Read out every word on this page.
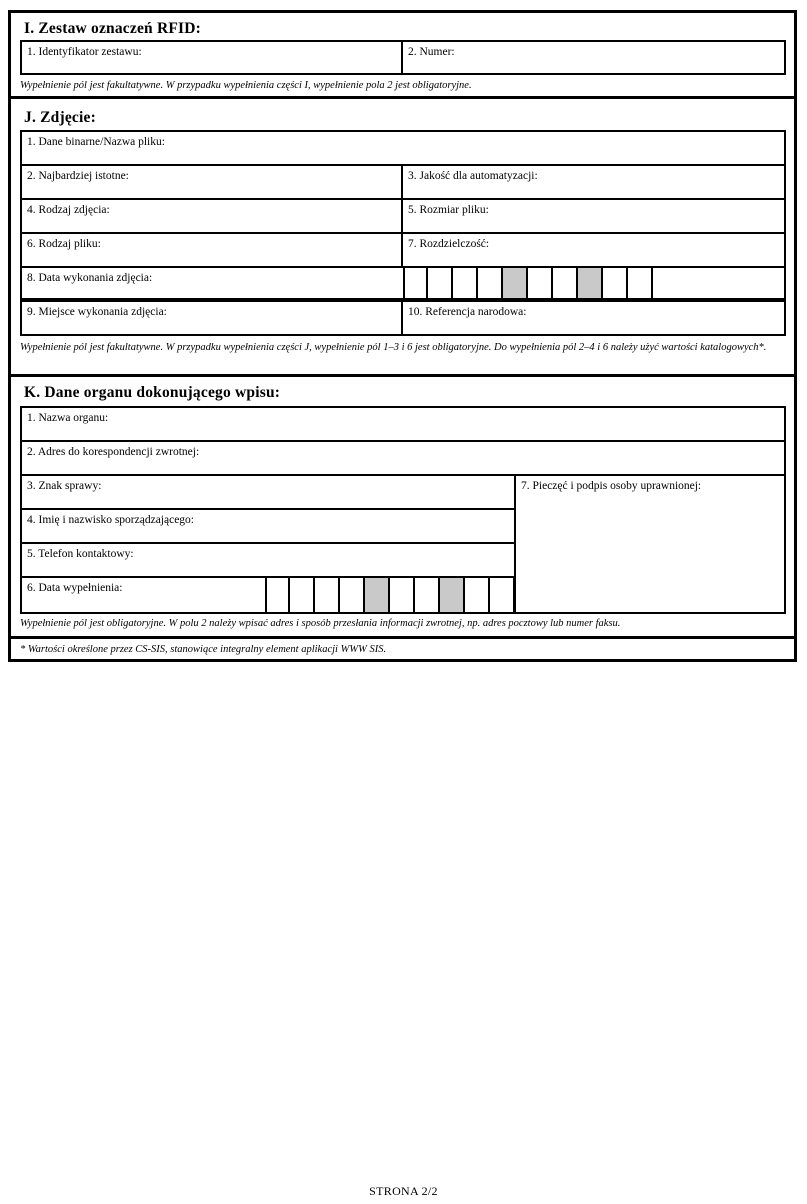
I. Zestaw oznaczeń RFID:
1. Identyfikator zestawu:	2. Numer:
Wypełnienie pól jest fakultatywne. W przypadku wypełnienia części I, wypełnienie pola 2 jest obligatoryjne.
J. Zdjęcie:
1. Dane binarne/Nazwa pliku:
2. Najbardziej istotne:	3. Jakość dla automatyzacji:
4. Rodzaj zdjęcia:	5. Rozmiar pliku:
6. Rodzaj pliku:	7. Rozdzielczość:
8. Data wykonania zdjęcia:
9. Miejsce wykonania zdjęcia:	10. Referencja narodowa:
Wypełnienie pól jest fakultatywne. W przypadku wypełnienia części J, wypełnienie pól 1–3 i 6 jest obligatoryjne. Do wypełnienia pól 2–4 i 6 należy użyć wartości katalogowych*.
K. Dane organu dokonującego wpisu:
1. Nazwa organu:
2. Adres do korespondencji zwrotnej:
3. Znak sprawy:
4. Imię i nazwisko sporządzającego:
5. Telefon kontaktowy:
6. Data wypełnienia:
7. Pieczęć i podpis osoby uprawnionej:
Wypełnienie pól jest obligatoryjne. W polu 2 należy wpisać adres i sposób przesłania informacji zwrotnej, np. adres pocztowy lub numer faksu.
* Wartości określone przez CS-SIS, stanowiące integralny element aplikacji WWW SIS.
STRONA 2/2
